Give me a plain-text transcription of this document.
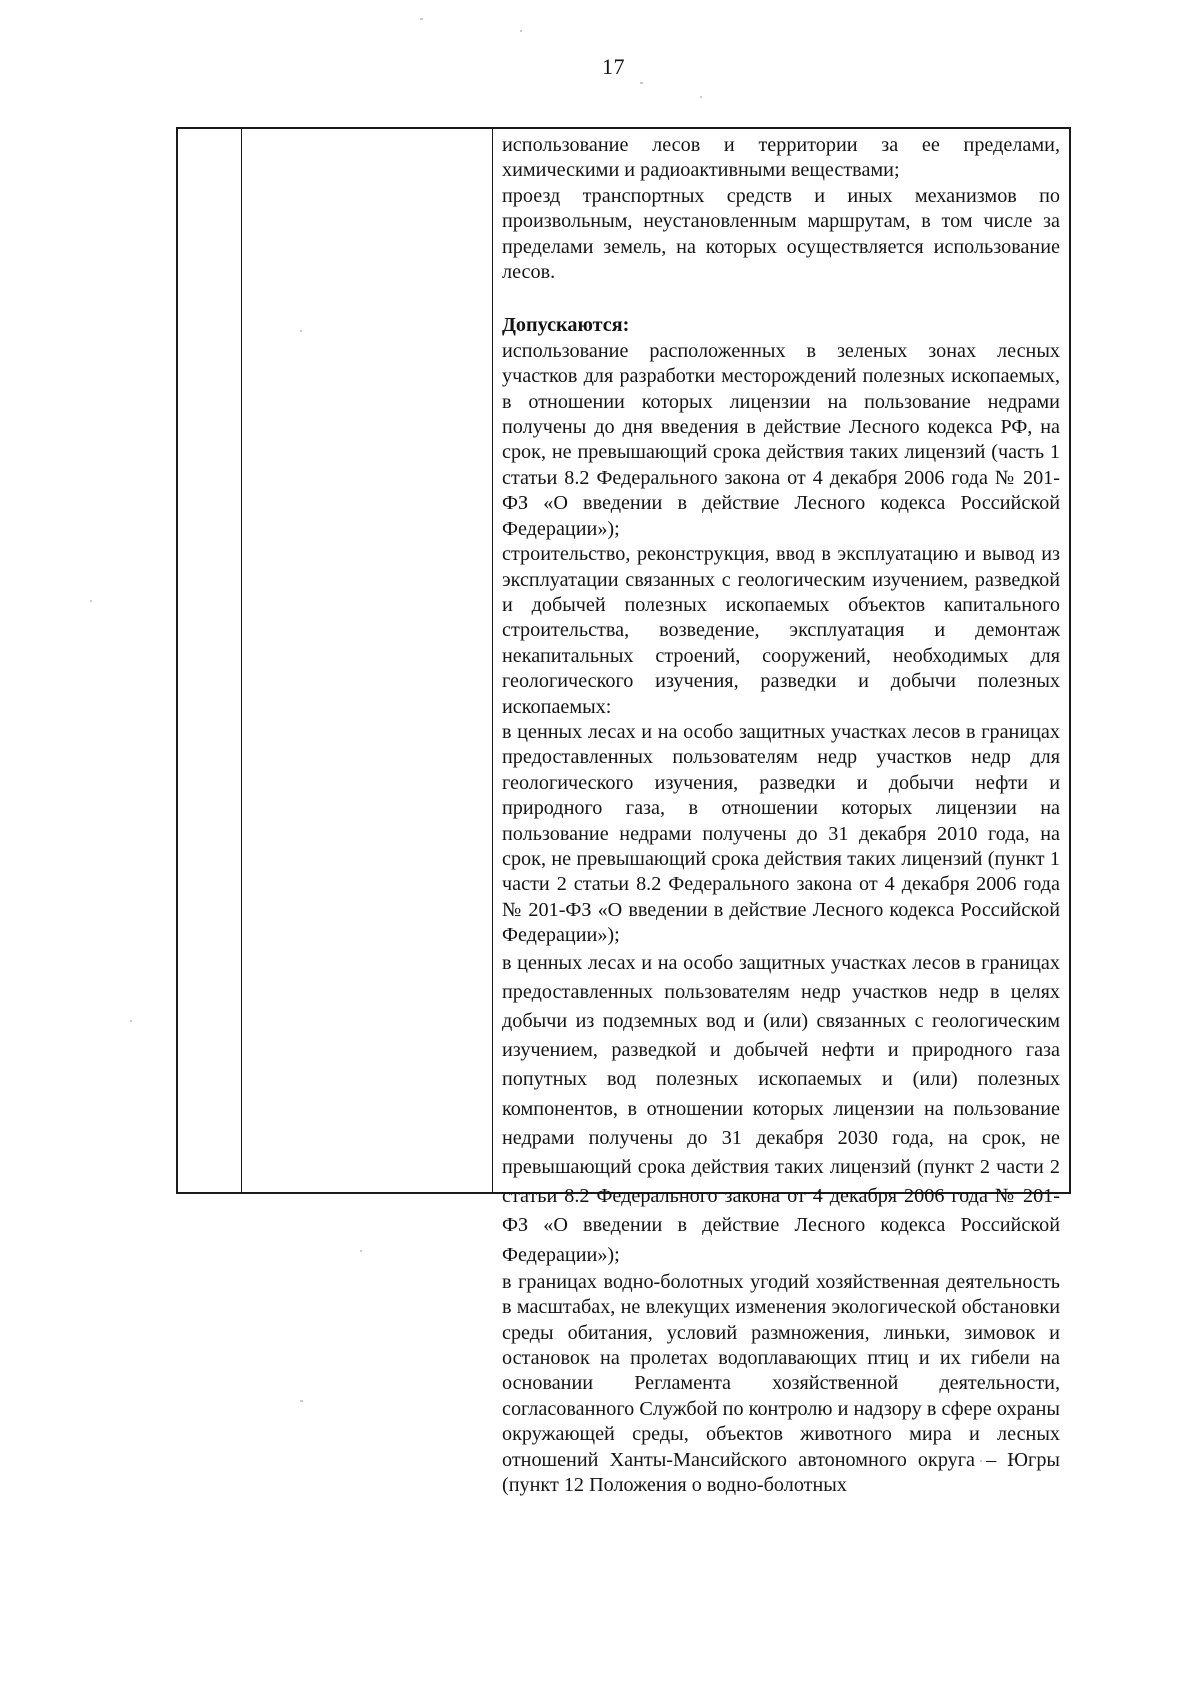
17

использование лесов и территории за ее пределами, химическими и радиоактивными веществами;

проезд транспортных средств и иных механизмов по произвольным, неустановленным маршрутам, в том числе за пределами земель, на которых осуществляется использование лесов.

Допускаются:

использование расположенных в зеленых зонах лесных участков для разработки месторождений полезных ископаемых, в отношении которых лицензии на пользование недрами получены до дня введения в действие Лесного кодекса РФ, на срок, не превышающий срока действия таких лицензий (часть 1 статьи 8.2 Федерального закона от 4 декабря 2006 года № 201-ФЗ «О введении в действие Лесного кодекса Российской Федерации»);

строительство, реконструкция, ввод в эксплуатацию и вывод из эксплуатации связанных с геологическим изучением, разведкой и добычей полезных ископаемых объектов капитального строительства, возведение, эксплуатация и демонтаж некапитальных строений, сооружений, необходимых для геологического изучения, разведки и добычи полезных ископаемых:

в ценных лесах и на особо защитных участках лесов в границах предоставленных пользователям недр участков недр для геологического изучения, разведки и добычи нефти и природного газа, в отношении которых лицензии на пользование недрами получены до 31 декабря 2010 года, на срок, не превышающий срока действия таких лицензий (пункт 1 части 2 статьи 8.2 Федерального закона от 4 декабря 2006 года № 201-ФЗ «О введении в действие Лесного кодекса Российской Федерации»);

в ценных лесах и на особо защитных участках лесов в границах предоставленных пользователям недр участков недр в целях добычи из подземных вод и (или) связанных с геологическим изучением, разведкой и добычей нефти и природного газа попутных вод полезных ископаемых и (или) полезных компонентов, в отношении которых лицензии на пользование недрами получены до 31 декабря 2030 года, на срок, не превышающий срока действия таких лицензий (пункт 2 части 2 статьи 8.2 Федерального закона от 4 декабря 2006 года № 201-ФЗ «О введении в действие Лесного кодекса Российской Федерации»);

в границах водно-болотных угодий хозяйственная деятельность в масштабах, не влекущих изменения экологической обстановки среды обитания, условий размножения, линьки, зимовок и остановок на пролетах водоплавающих птиц и их гибели на основании Регламента хозяйственной деятельности, согласованного Службой по контролю и надзору в сфере охраны окружающей среды, объектов животного мира и лесных отношений Ханты-Мансийского автономного округа – Югры (пункт 12 Положения о водно-болотных
